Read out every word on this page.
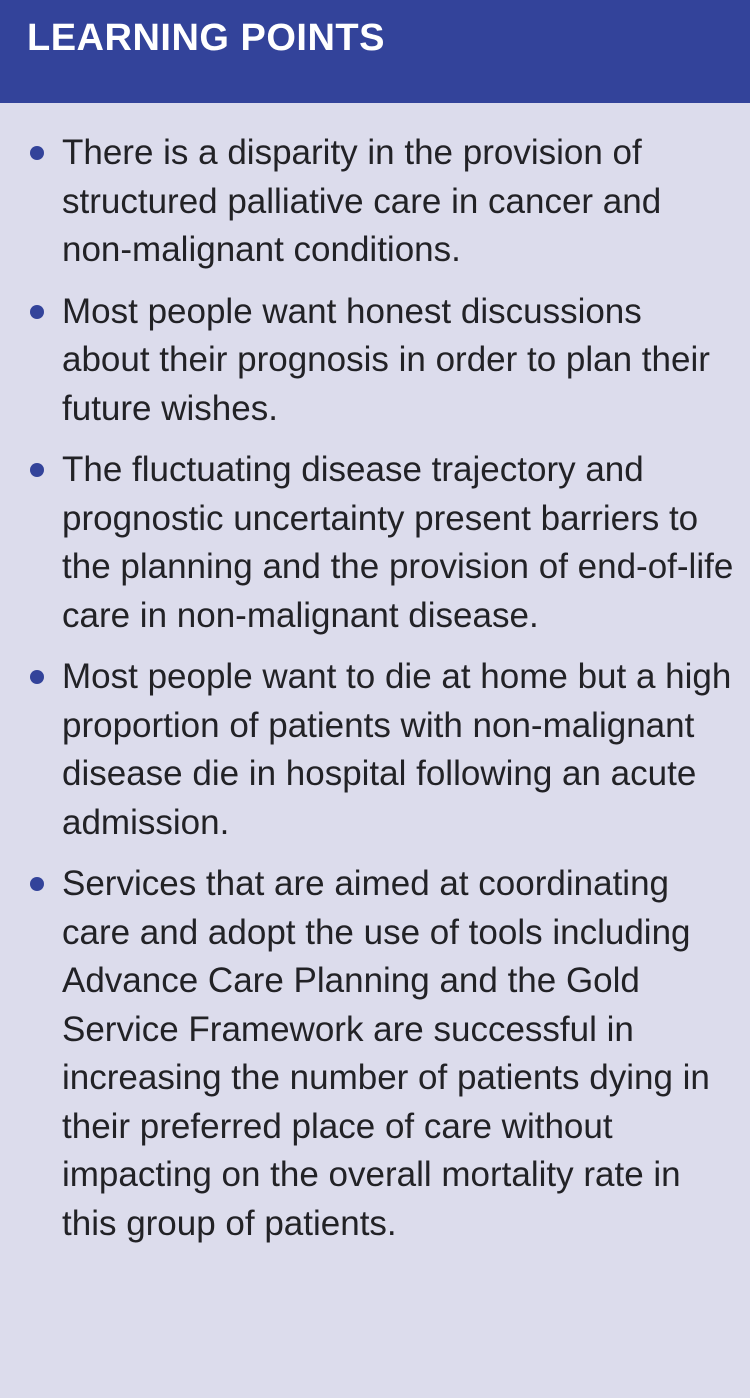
LEARNING POINTS
There is a disparity in the provision of structured palliative care in cancer and non-malignant conditions.
Most people want honest discussions about their prognosis in order to plan their future wishes.
The fluctuating disease trajectory and prognostic uncertainty present barriers to the planning and the provision of end-of-life care in non-malignant disease.
Most people want to die at home but a high proportion of patients with non-malignant disease die in hospital following an acute admission.
Services that are aimed at coordinating care and adopt the use of tools including Advance Care Planning and the Gold Service Framework are successful in increasing the number of patients dying in their preferred place of care without impacting on the overall mortality rate in this group of patients.
